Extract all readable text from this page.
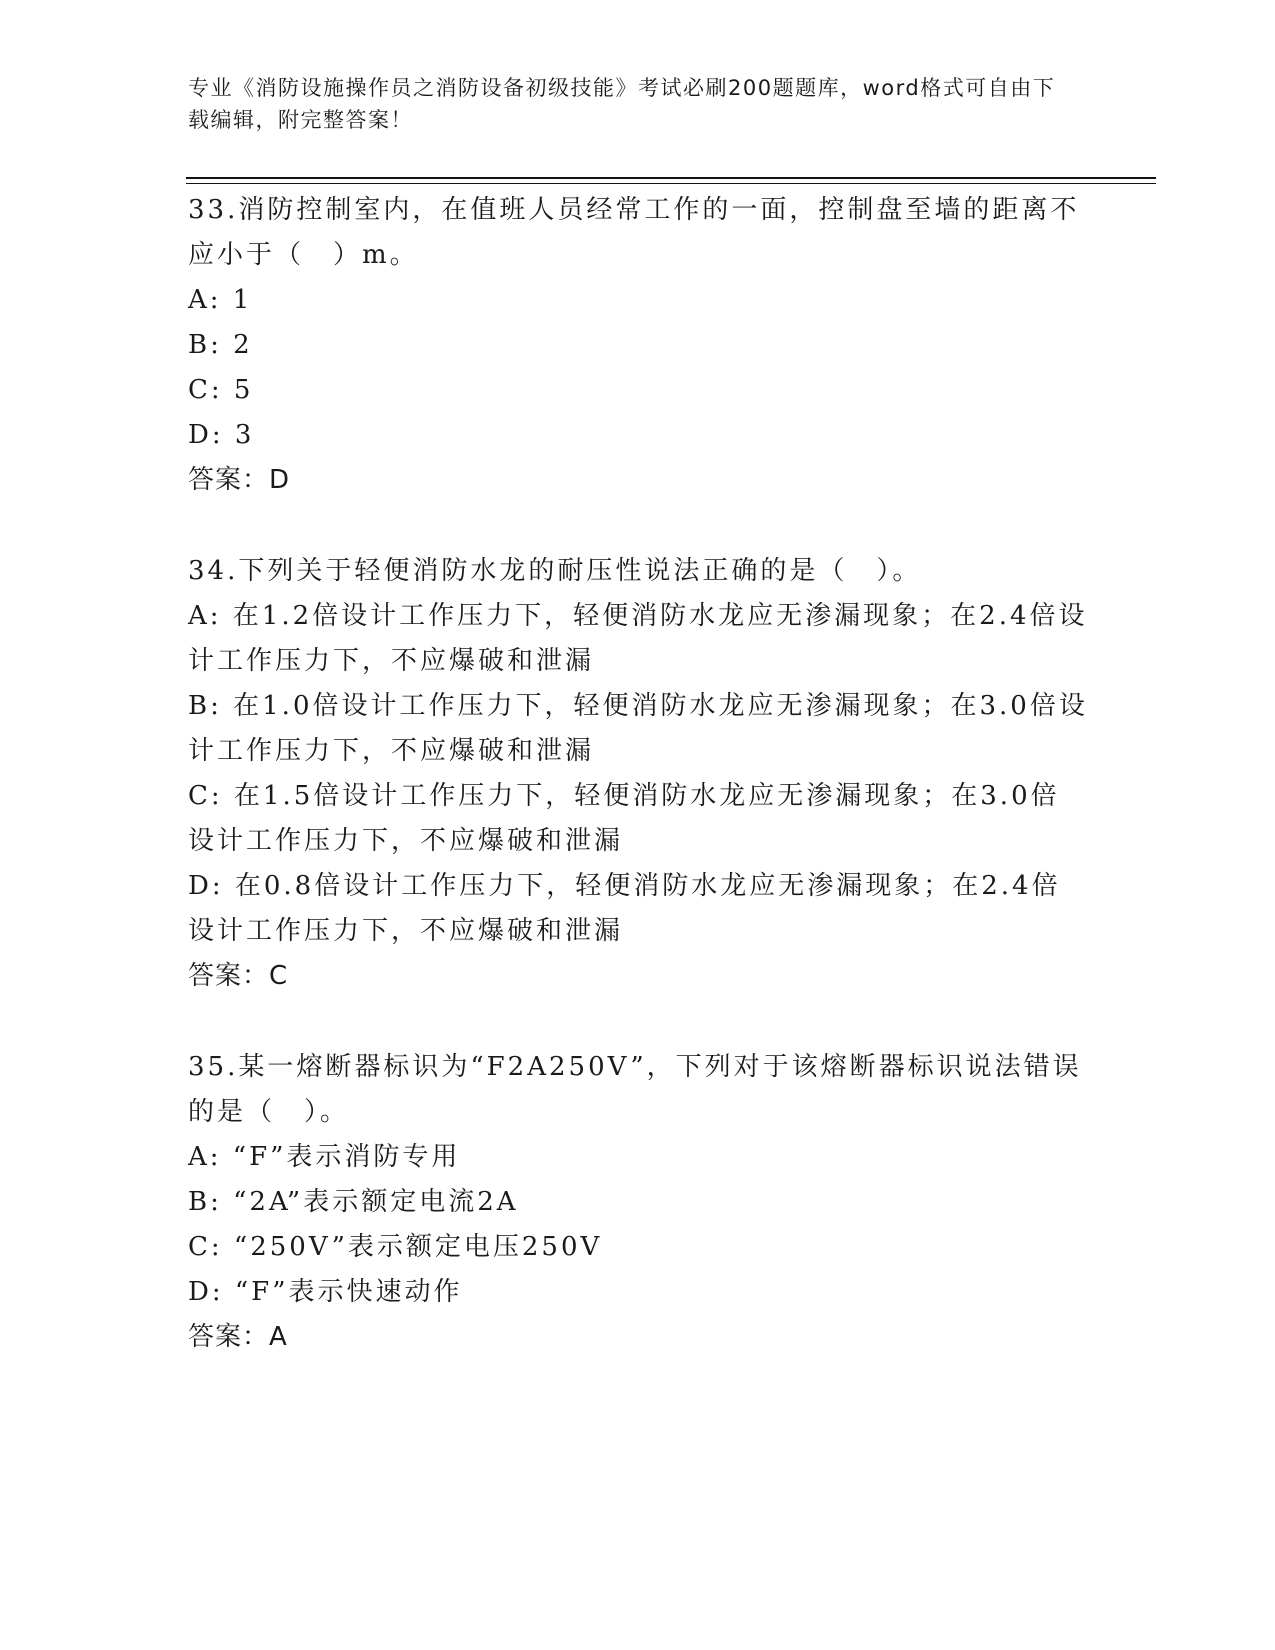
专业《消防设施操作员之消防设备初级技能》考试必刷200题题库，word格式可自由下载编辑，附完整答案！
33.消防控制室内，在值班人员经常工作的一面，控制盘至墙的距离不应小于（　）m。
A: 1
B: 2
C: 5
D: 3
答案：D
34.下列关于轻便消防水龙的耐压性说法正确的是（　）。
A: 在1.2倍设计工作压力下，轻便消防水龙应无渗漏现象；在2.4倍设计工作压力下，不应爆破和泄漏
B: 在1.0倍设计工作压力下，轻便消防水龙应无渗漏现象；在3.0倍设计工作压力下，不应爆破和泄漏
C: 在1.5倍设计工作压力下，轻便消防水龙应无渗漏现象；在3.0倍设计工作压力下，不应爆破和泄漏
D: 在0.8倍设计工作压力下，轻便消防水龙应无渗漏现象；在2.4倍设计工作压力下，不应爆破和泄漏
答案：C
35.某一熔断器标识为“F2A250V”，下列对于该熔断器标识说法错误的是（　）。
A: “F”表示消防专用
B: “2A”表示额定电流2A
C: “250V”表示额定电压250V
D: “F”表示快速动作
答案：A
